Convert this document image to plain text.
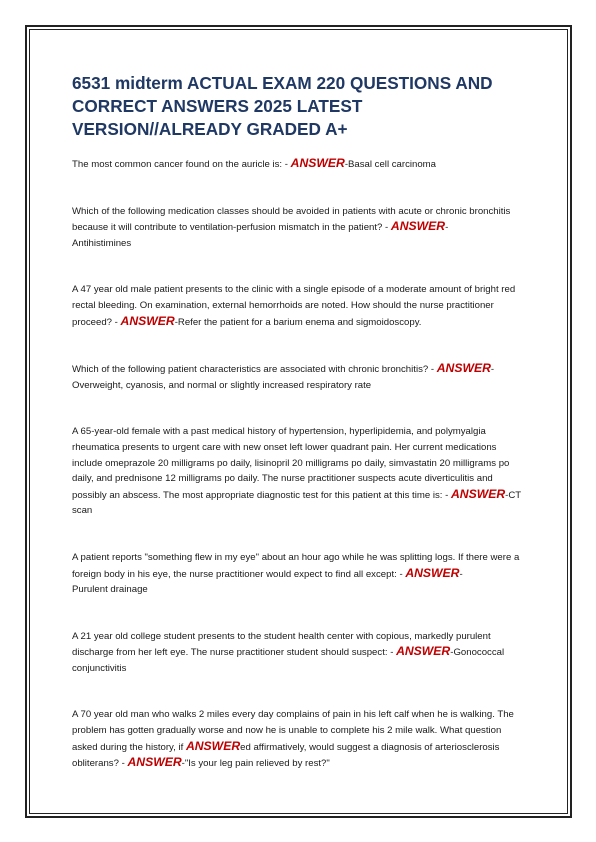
6531 midterm ACTUAL EXAM 220 QUESTIONS AND CORRECT ANSWERS 2025 LATEST VERSION//ALREADY GRADED A+

The most common cancer found on the auricle is: - ANSWER-Basal cell carcinoma

Which of the following medication classes should be avoided in patients with acute or chronic bronchitis because it will contribute to ventilation-perfusion mismatch in the patient? - ANSWER-
Antihistimines

A 47 year old male patient presents to the clinic with a single episode of a moderate amount of bright red rectal bleeding. On examination, external hemorrhoids are noted. How should the nurse practitioner proceed? - ANSWER-Refer the patient for a barium enema and sigmoidoscopy.

Which of the following patient characteristics are associated with chronic bronchitis? - ANSWER-
Overweight, cyanosis, and normal or slightly increased respiratory rate

A 65-year-old female with a past medical history of hypertension, hyperlipidemia, and polymyalgia rheumatica presents to urgent care with new onset left lower quadrant pain. Her current medications include omeprazole 20 milligrams po daily, lisinopril 20 milligrams po daily, simvastatin 20 milligrams po daily, and prednisone 12 milligrams po daily. The nurse practitioner suspects acute diverticulitis and possibly an abscess. The most appropriate diagnostic test for this patient at this time is: - ANSWER-CT scan

A patient reports "something flew in my eye" about an hour ago while he was splitting logs. If there were a foreign body in his eye, the nurse practitioner would expect to find all except: - ANSWER-
Purulent drainage

A 21 year old college student presents to the student health center with copious, markedly purulent discharge from her left eye. The nurse practitioner student should suspect: - ANSWER-Gonococcal conjunctivitis

A 70 year old man who walks 2 miles every day complains of pain in his left calf when he is walking. The problem has gotten gradually worse and now he is unable to complete his 2 mile walk. What question asked during the history, if ANSWERed affirmatively, would suggest a diagnosis of arteriosclerosis obliterans? - ANSWER-"Is your leg pain relieved by rest?"
